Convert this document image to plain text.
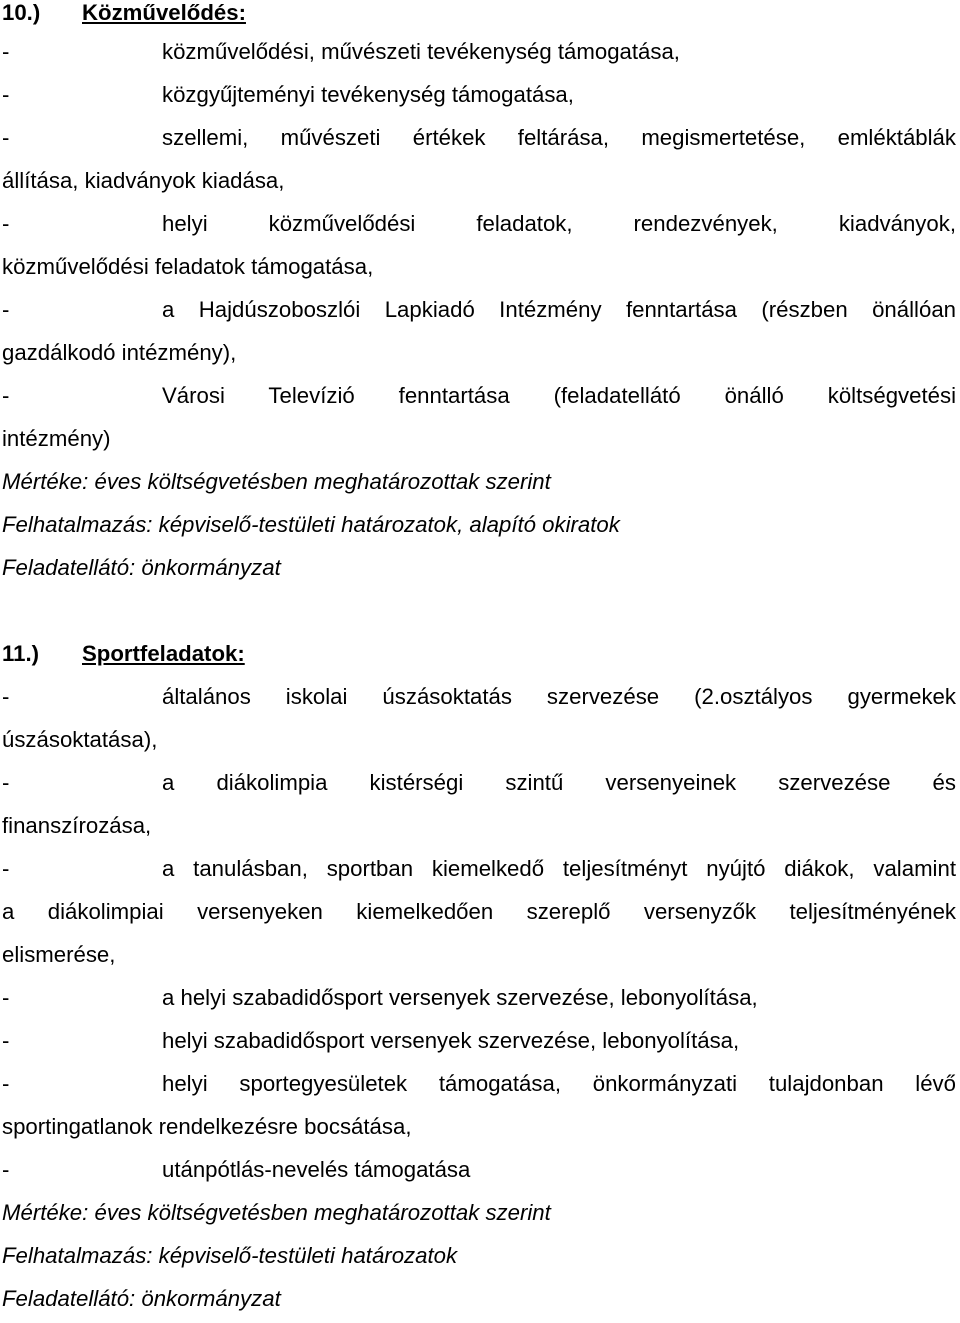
10.) Közművelődés:
-	közművelődési, művészeti tevékenység támogatása,
-	közgyűjteményi tevékenység támogatása,
-	szellemi, művészeti értékek feltárása, megismertetése, emléktáblák
állítása, kiadványok kiadása,
-	helyi közművelődési feladatok, rendezvények, kiadványok,
közművelődési feladatok támogatása,
-	a Hajdúszoboszlói Lapkiadó Intézmény fenntartása (részben önállóan
gazdálkodó intézmény),
-	Városi Televízió fenntartása (feladatellátó önálló költségvetési
intézmény)
Mértéke: éves költségvetésben meghatározottak szerint
Felhatalmazás: képviselő-testületi határozatok, alapító okiratok
Feladatellátó: önkormányzat
11.) Sportfeladatok:
-	általános iskolai úszásoktatás szervezése (2.osztályos gyermekek
úszásoktatása),
-	a diákolimpia kistérségi szintű versenyeinek szervezése és
finanszírozása,
-	a tanulásban, sportban kiemelkedő teljesítményt nyújtó diákok, valamint
a diákolimpiai versenyeken kiemelkedően szereplő versenyzők teljesítményének
elismerése,
-	a helyi szabadidősport versenyek szervezése, lebonyolítása,
-	helyi szabadidősport versenyek szervezése, lebonyolítása,
-	helyi sportegyesületek támogatása, önkormányzati tulajdonban lévő
sportingatlanok rendelkezésre bocsátása,
-	utánpótlás-nevelés támogatása
Mértéke: éves költségvetésben meghatározottak szerint
Felhatalmazás: képviselő-testületi határozatok
Feladatellátó: önkormányzat
